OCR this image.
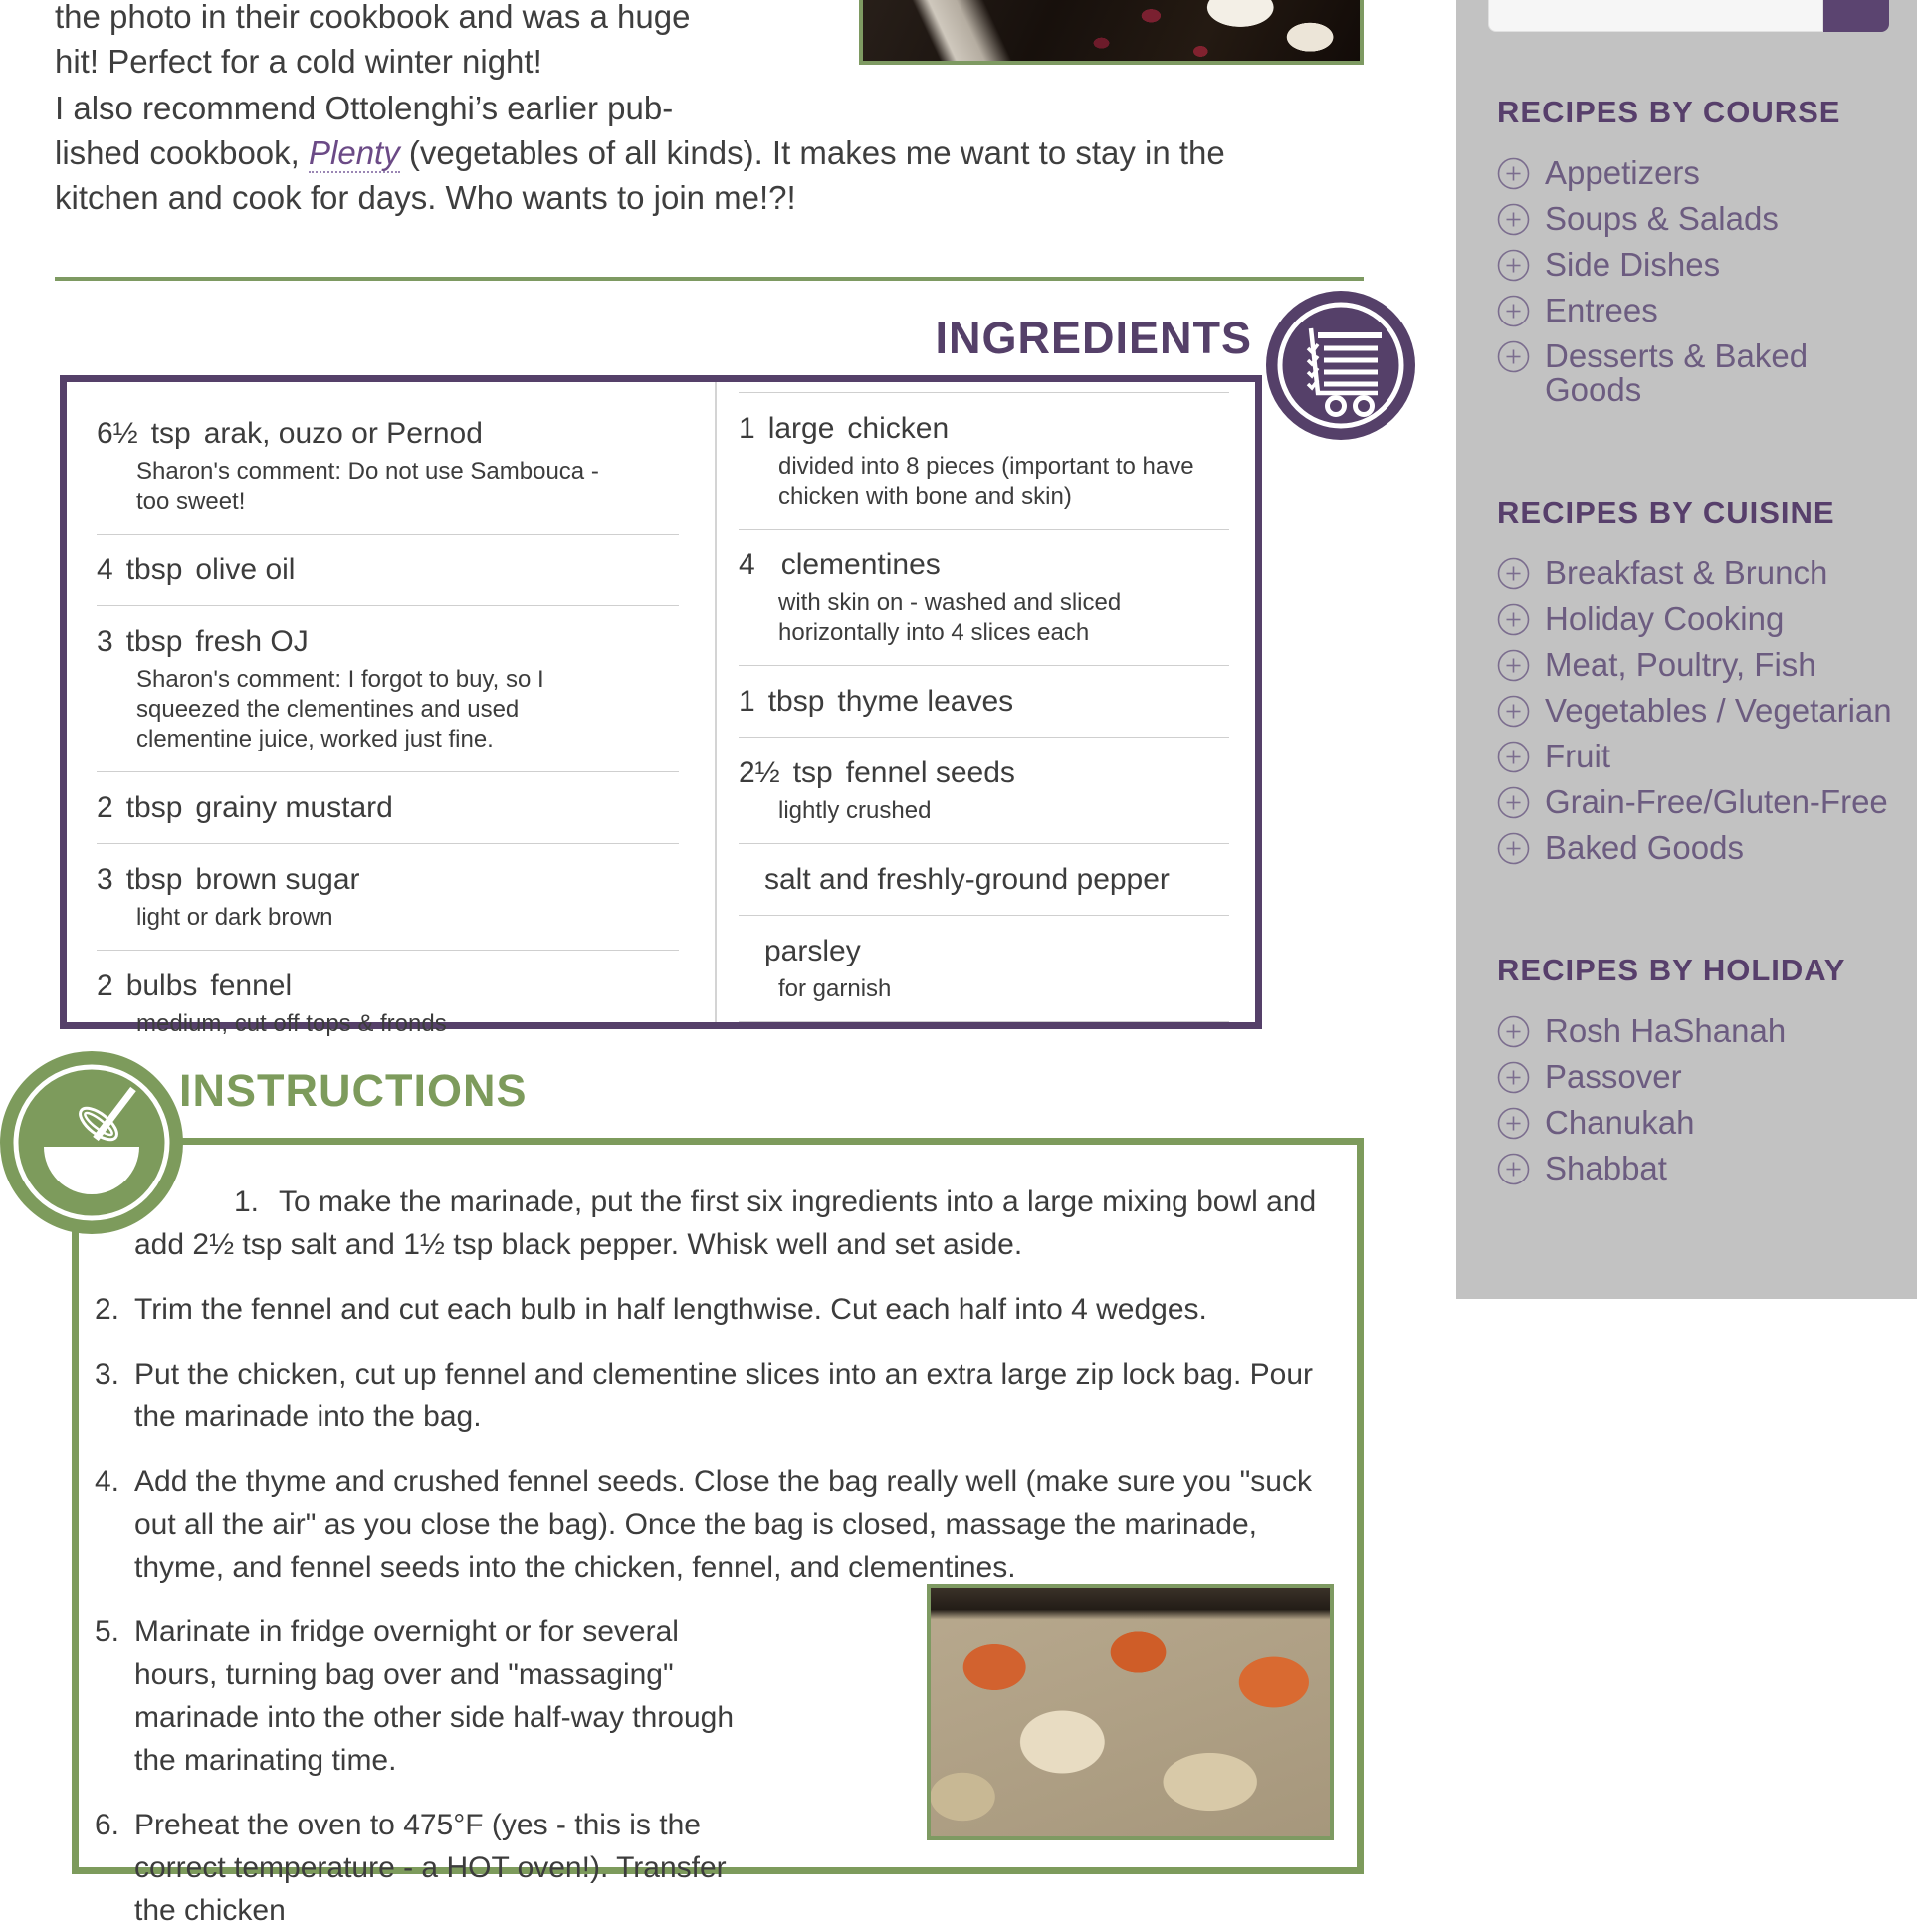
the photo in their cookbook and was a huge
hit! Perfect for a cold winter night!
I also recommend Ottolenghi’s earlier pub-
lished cookbook, Plenty (vegetables of all kinds). It makes me want to stay in the
kitchen and cook for days. Who wants to join me!?!
INGREDIENTS
6½ tsp arak, ouzo or Pernod
Sharon's comment: Do not use Sambouca - too sweet!
4 tbsp olive oil
3 tbsp fresh OJ
Sharon's comment: I forgot to buy, so I squeezed the clementines and used clementine juice, worked just fine.
2 tbsp grainy mustard
3 tbsp brown sugar
light or dark brown
2 bulbs fennel
medium, cut off tops & fronds
1 large chicken
divided into 8 pieces (important to have chicken with bone and skin)
4 clementines
with skin on - washed and sliced horizontally into 4 slices each
1 tbsp thyme leaves
2½ tsp fennel seeds
lightly crushed
salt and freshly-ground pepper
parsley
for garnish
INSTRUCTIONS
1. To make the marinade, put the first six ingredients into a large mixing bowl and add 2½ tsp salt and 1½ tsp black pepper. Whisk well and set aside.
2. Trim the fennel and cut each bulb in half lengthwise. Cut each half into 4 wedges.
3. Put the chicken, cut up fennel and clementine slices into an extra large zip lock bag. Pour the marinade into the bag.
4. Add the thyme and crushed fennel seeds. Close the bag really well (make sure you "suck out all the air" as you close the bag). Once the bag is closed, massage the marinade, thyme, and fennel seeds into the chicken, fennel, and clementines.
5. Marinate in fridge overnight or for several hours, turning bag over and "massaging" marinade into the other side half-way through the marinating time.
6. Preheat the oven to 475°F (yes - this is the correct temperature - a HOT oven!). Transfer the chicken
RECIPES BY COURSE
Appetizers
Soups & Salads
Side Dishes
Entrees
Desserts & Baked Goods
RECIPES BY CUISINE
Breakfast & Brunch
Holiday Cooking
Meat, Poultry, Fish
Vegetables / Vegetarian
Fruit
Grain-Free/Gluten-Free
Baked Goods
RECIPES BY HOLIDAY
Rosh HaShanah
Passover
Chanukah
Shabbat
